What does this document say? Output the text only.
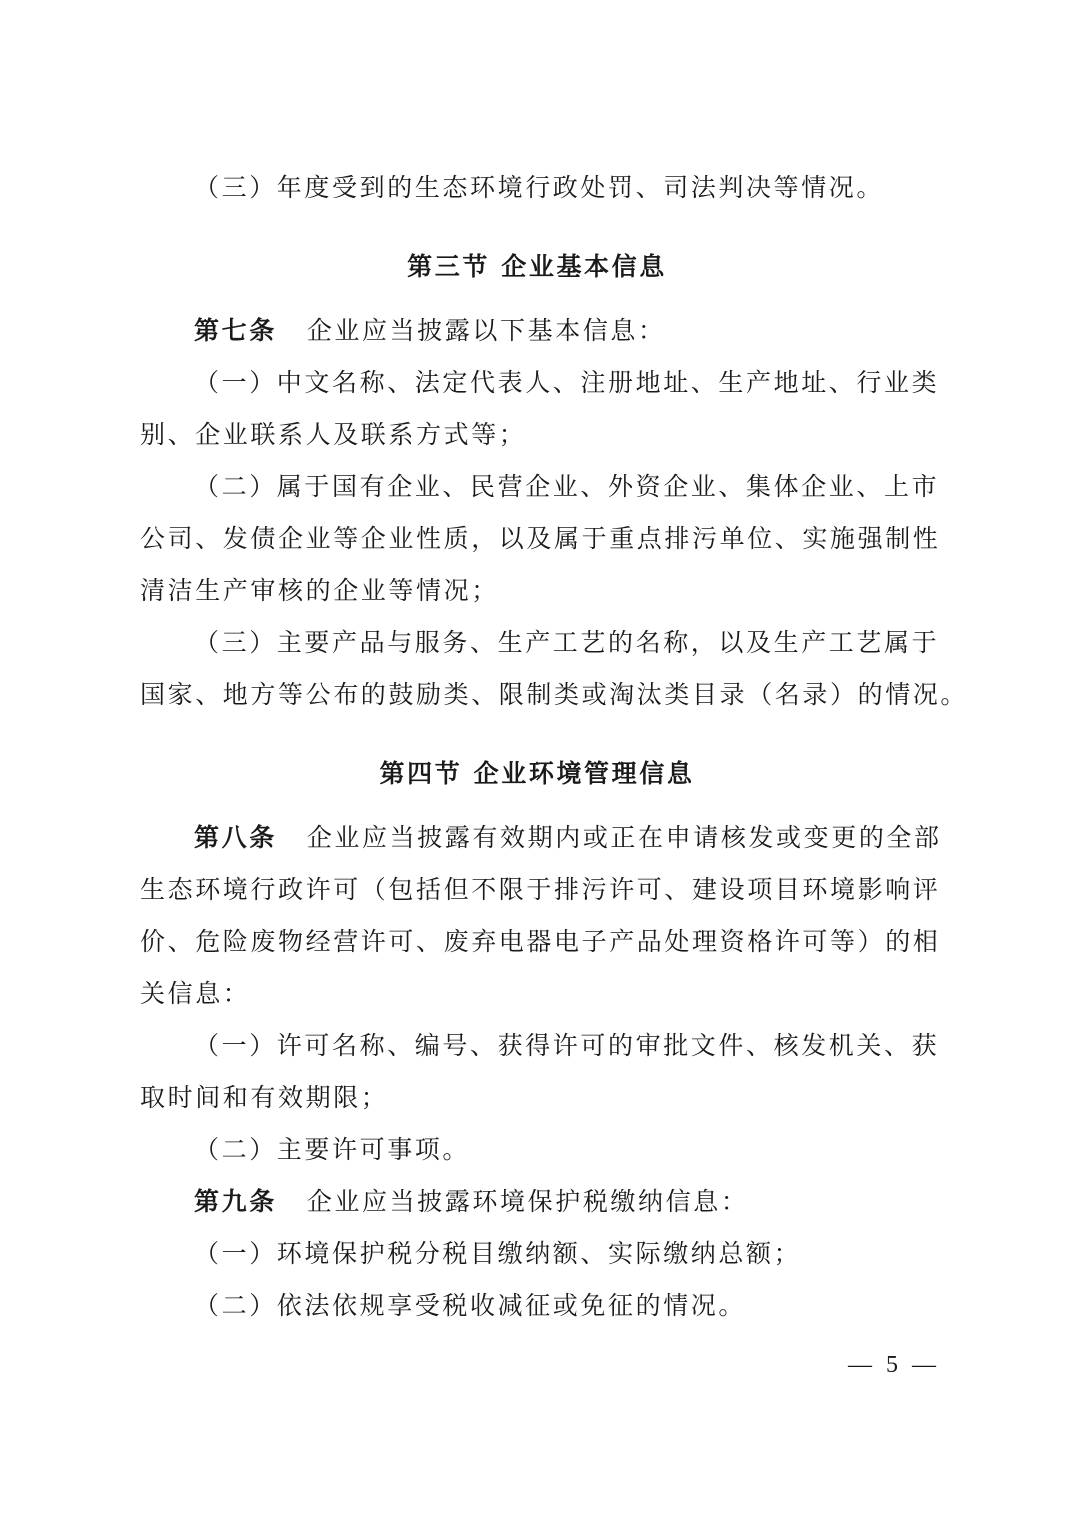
（三）年度受到的生态环境行政处罚、司法判决等情况。
第三节 企业基本信息
第七条 企业应当披露以下基本信息：
（一）中文名称、法定代表人、注册地址、生产地址、行业类
别、企业联系人及联系方式等；
（二）属于国有企业、民营企业、外资企业、集体企业、上市
公司、发债企业等企业性质，以及属于重点排污单位、实施强制性
清洁生产审核的企业等情况；
（三）主要产品与服务、生产工艺的名称，以及生产工艺属于
国家、地方等公布的鼓励类、限制类或淘汰类目录（名录）的情况。
第四节 企业环境管理信息
第八条 企业应当披露有效期内或正在申请核发或变更的全部
生态环境行政许可（包括但不限于排污许可、建设项目环境影响评
价、危险废物经营许可、废弃电器电子产品处理资格许可等）的相
关信息：
（一）许可名称、编号、获得许可的审批文件、核发机关、获
取时间和有效期限；
（二）主要许可事项。
第九条 企业应当披露环境保护税缴纳信息：
（一）环境保护税分税目缴纳额、实际缴纳总额；
（二）依法依规享受税收减征或免征的情况。
— 5 —
